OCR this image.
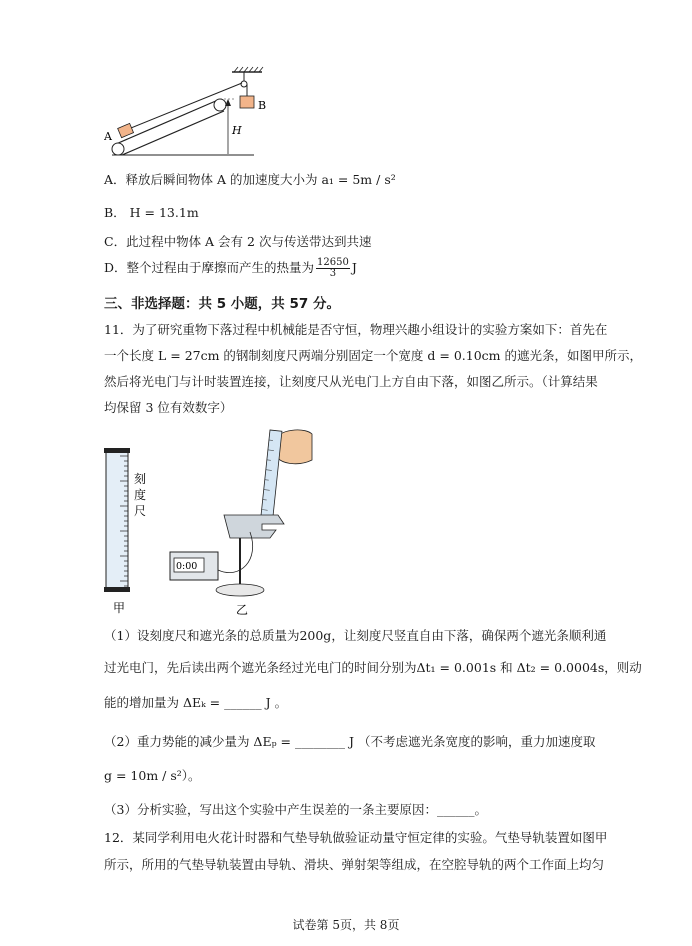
B
A	H
A．释放后瞬间物体 A 的加速度大小为 a₁ = 5m / s²
B． H = 13.1m
C．此过程中物体 A 会有 2 次与传送带达到共速
D．整个过程由于摩擦而产生的热量为 $\frac{12650}{3}$ J
三、非选择题：共 5 小题，共 57 分。
11．为了研究重物下落过程中机械能是否守恒，物理兴趣小组设计的实验方案如下：首先在
一个长度 L = 27cm 的钢制刻度尺两端分别固定一个宽度 d = 0.10cm 的遮光条，如图甲所示，
然后将光电门与计时装置连接，让刻度尺从光电门上方自由下落，如图乙所示。（计算结果
均保留 3 位有效数字）
刻
度
尺
甲
0:00
乙
（1）设刻度尺和遮光条的总质量为200g，让刻度尺竖直自由下落，确保两个遮光条顺利通
过光电门，先后读出两个遮光条经过光电门的时间分别为Δt₁ = 0.001s 和 Δt₂ = 0.0004s，则动
能的增加量为 ΔEₖ = ______ J 。
（2）重力势能的减少量为 ΔEₚ = ________ J （不考虑遮光条宽度的影响，重力加速度取
g = 10m / s²）。
（3）分析实验，写出这个实验中产生误差的一条主要原因：______。
12．某同学利用电火花计时器和气垫导轨做验证动量守恒定律的实验。气垫导轨装置如图甲
所示，所用的气垫导轨装置由导轨、滑块、弹射架等组成，在空腔导轨的两个工作面上均匀
试卷第 5页，共 8页
